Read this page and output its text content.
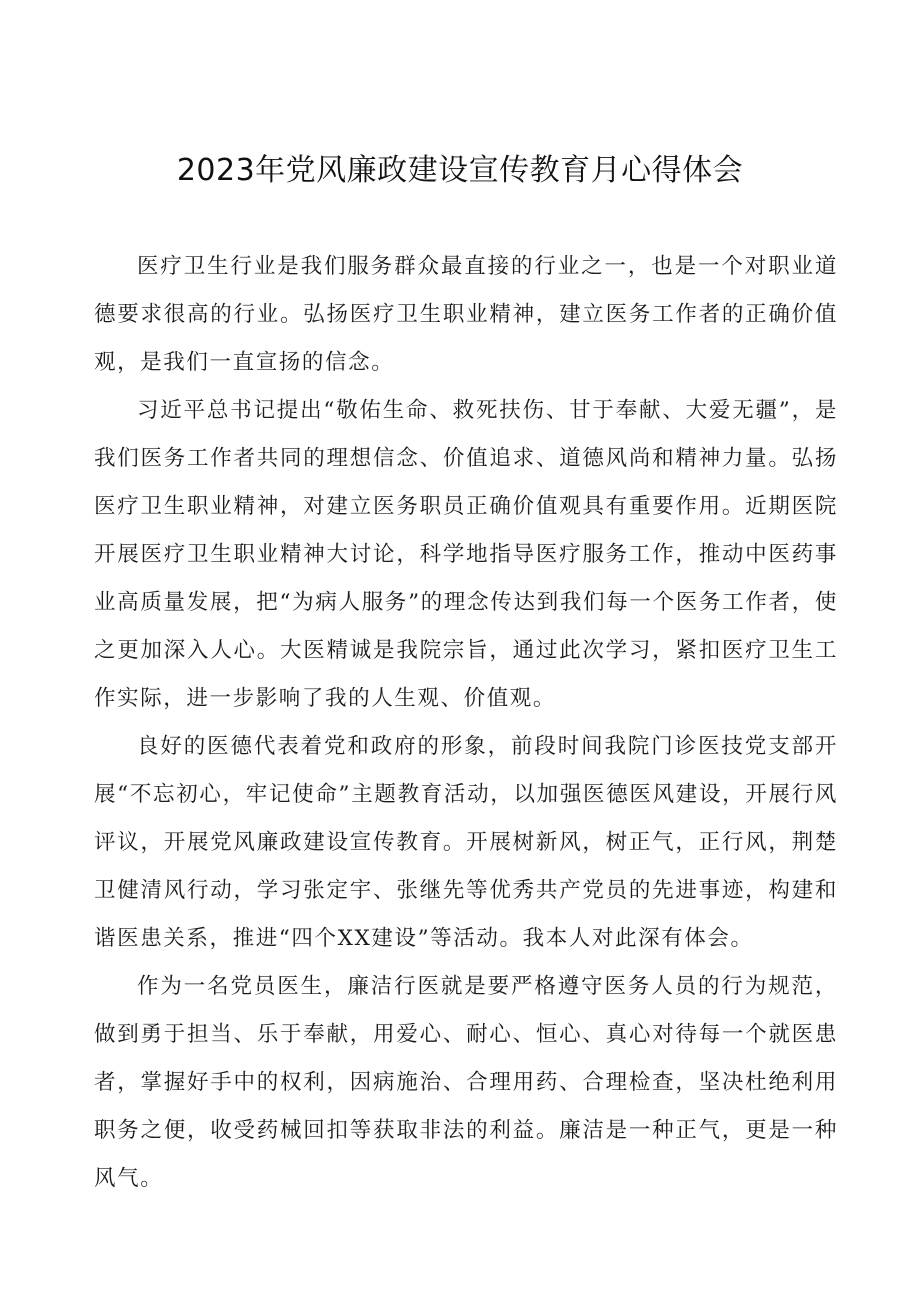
2023年党风廉政建设宣传教育月心得体会

医疗卫生行业是我们服务群众最直接的行业之一，也是一个对职业道德要求很高的行业。弘扬医疗卫生职业精神，建立医务工作者的正确价值观，是我们一直宣扬的信念。

习近平总书记提出“敬佑生命、救死扶伤、甘于奉献、大爱无疆”，是我们医务工作者共同的理想信念、价值追求、道德风尚和精神力量。弘扬医疗卫生职业精神，对建立医务职员正确价值观具有重要作用。近期医院开展医疗卫生职业精神大讨论，科学地指导医疗服务工作，推动中医药事业高质量发展，把“为病人服务”的理念传达到我们每一个医务工作者，使之更加深入人心。大医精诚是我院宗旨，通过此次学习，紧扣医疗卫生工作实际，进一步影响了我的人生观、价值观。

良好的医德代表着党和政府的形象，前段时间我院门诊医技党支部开展“不忘初心，牢记使命”主题教育活动，以加强医德医风建设，开展行风评议，开展党风廉政建设宣传教育。开展树新风，树正气，正行风，荆楚卫健清风行动，学习张定宇、张继先等优秀共产党员的先进事迹，构建和谐医患关系，推进“四个XX建设”等活动。我本人对此深有体会。

作为一名党员医生，廉洁行医就是要严格遵守医务人员的行为规范，做到勇于担当、乐于奉献，用爱心、耐心、恒心、真心对待每一个就医患者，掌握好手中的权利，因病施治、合理用药、合理检查，坚决杜绝利用职务之便，收受药械回扣等获取非法的利益。廉洁是一种正气，更是一种风气。
